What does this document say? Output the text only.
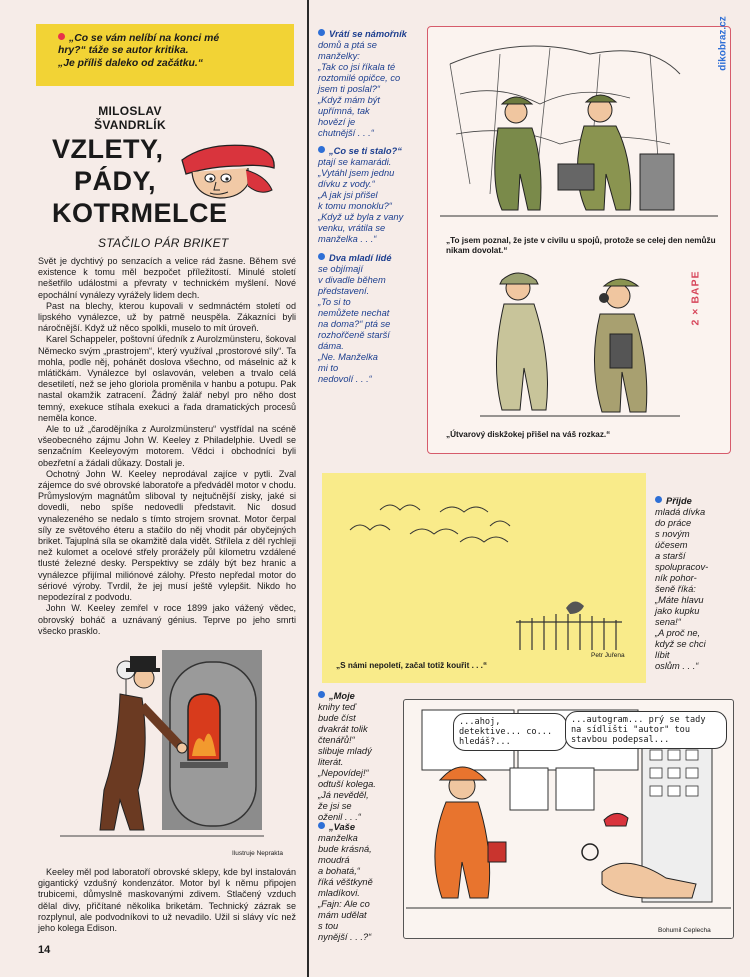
„Co se vám nelíbí na konci mé

hry?“ táže se autor kritika.

„Je příliš daleko od začátku.“

MILOSLAV
ŠVANDRLÍK
VZLETY,
PÁDY,
KOTRMELCE
STAČILO PÁR BRIKET

Svět je dychtivý po senzacích a velice rád žasne. Během své existence k tomu měl bezpočet příležitostí. Minulé století nešetřilo událostmi a převraty v technickém myšlení. Nové epochální vynálezy vyrážely lidem dech.

Past na blechy, kterou kupovali v sedmnáctém století od lipského vynálezce, už by patrně neuspěla. Zákazníci byli náročnější. Když už něco spolkli, muselo to mít úroveň.

Karel Schappeler, poštovní úředník z Aurolzmünsteru, šokoval Německo svým „prastrojem“, který využíval „prostorové síly“. Ta mohla, podle něj, pohánět doslova všechno, od máselnic až k mlátičkám. Vynálezce byl oslavován, veleben a trvalo celá desetiletí, než se jeho gloriola proměnila v hanbu a potupu. Pak nastal okamžik zatracení. Žádný žalář nebyl pro něho dost temný, exekuce stíhala exekuci a řada dramatických procesů neměla konce.

Ale to už „čarodějníka z Aurolzmünsteru“ vystřídal na scéně všeobecného zájmu John W. Keeley z Philadelphie. Uvedl se senzačním Keeleyovým motorem. Vědci i obchodníci byli obezřetní a žádali důkazy. Dostali je.

Ochotný John W. Keeley neprodával zajíce v pytli. Zval zájemce do své obrovské laboratoře a předváděl motor v chodu. Průmyslovým magnátům sliboval ty nejtučnější zisky, jaké si dovedli, nebo spíše nedovedli představit. Nic dosud vynalezeného se nedalo s tímto strojem srovnat. Motor čerpal síly ze světového éteru a stačilo do něj vhodit pár obyčejných briket. Tajuplná síla se okamžitě dala vidět. Střílela z děl rychleji než kulomet a ocelové střely prorážely půl kilometru vzdálené tlusté železné desky. Perspektivy se zdály být bez hranic a vynálezce přijímal miliónové zálohy. Přesto nepředal motor do sériové výroby. Tvrdil, že jej musí ještě vylepšit. Nikdo ho nepodezíral z podvodu.

John W. Keeley zemřel v roce 1899 jako vážený vědec, obrovský boháč a uznávaný génius. Teprve po jeho smrti všecko prasklo.

Ilustruje Neprakta

Keeley měl pod laboratoří obrovské sklepy, kde byl instalován gigantický vzdušný kondenzátor. Motor byl k němu připojen trubicemi, důmyslně maskovanými zdivem. Stlačený vzduch dělal divy, přičítané několika briketám. Technický zázrak se rozplynul, ale podvodníkovi to už nevadilo. Užil si slávy víc než jeho kolega Edison.

14
Vrátí se námořník
domů a ptá se
manželky:
„Tak co jsi říkala té
roztomilé opičce, co
jsem ti poslal?“
„Když mám být
upřímná, tak
hovězí je
chutnější . . .“
„Co se ti stalo?“
ptají se kamarádi.
„Vytáhl jsem jednu
dívku z vody.“
„A jak jsi přišel
k tomu monoklu?“
„Když už byla z vany
venku, vrátila se
manželka . . .“
Dva mladí lidé
se objímají
v divadle během
představení.
„To si to
nemůžete nechat
na doma?“ ptá se
rozhořčeně starší
dáma.
„Ne. Manželka
mi to
nedovolí . . .“
„To jsem poznal, že jste v civilu u spojů, protože se celej den nemůžu nikam dovolat.“
2 × BAPE
„Útvarový diskžokej přišel na váš rozkaz.“
dikobraz.cz
„S námi nepoletí, začal totiž kouřit . . .“
Petr Juřena
Přijde
mladá dívka
do práce
s novým
účesem
a starší
spolupracov-
ník pohor-
šeně říká:
„Máte hlavu
jako kupku
sena!“
„A proč ne,
když se chci
líbit
oslům . . .“
„Moje
knihy teď
bude číst
dvakrát tolik
čtenářů!“
slibuje mladý
literát.
„Nepovídej!“
odtuší kolega.
„Já nevěděl,
že jsi se
oženil . . .“
„Vaše
manželka
bude krásná,
moudrá
a bohatá,“
říká věštkyně
mladíkovi.
„Fajn: Ale co
mám udělat
s tou
nynější . . .?“
...ahoj, detektive... co... hledáš?...
...autogram... prý se tady na sídlišti "autor" tou stavbou podepsal...
Bohumil Ceplecha
